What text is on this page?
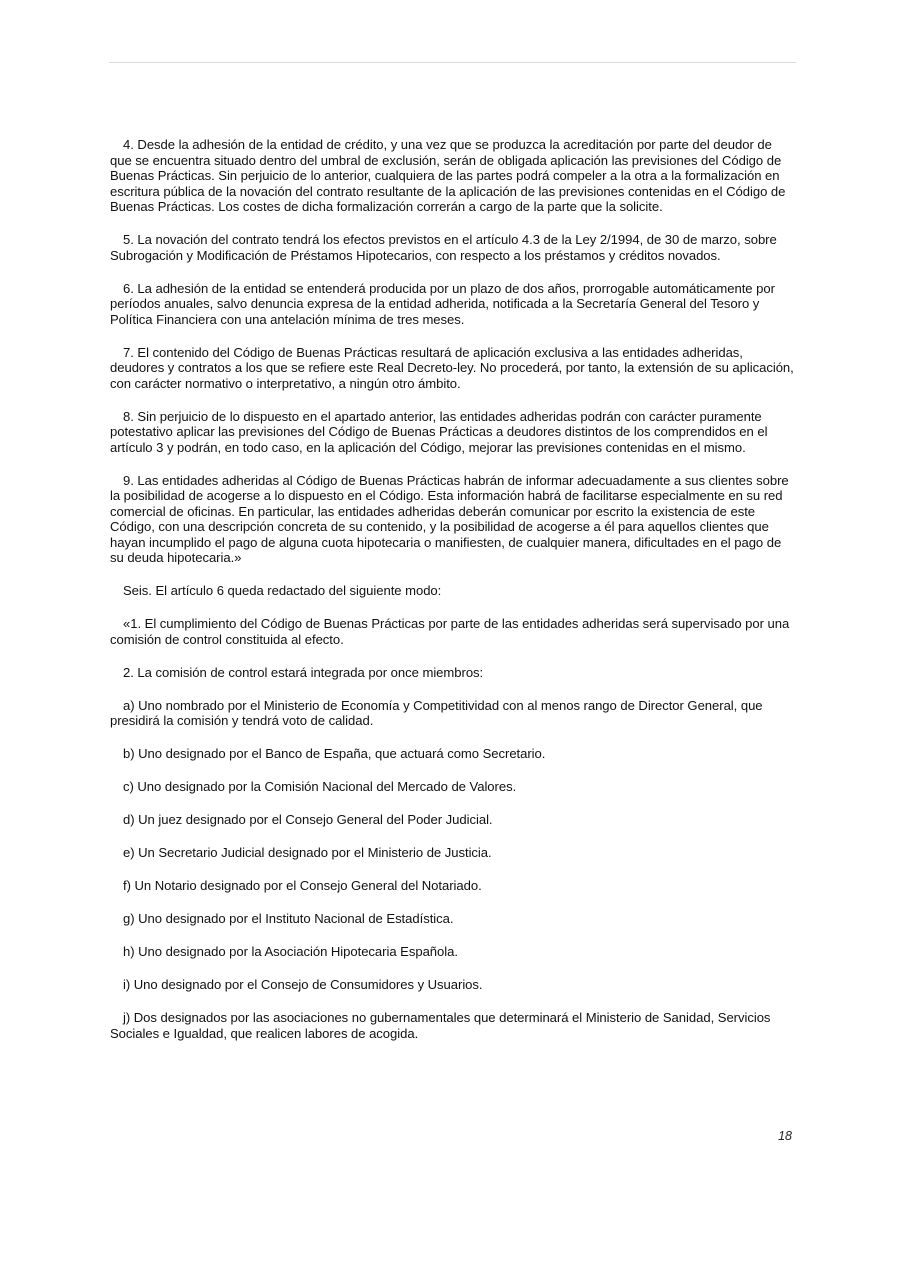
4. Desde la adhesión de la entidad de crédito, y una vez que se produzca la acreditación por parte del deudor de que se encuentra situado dentro del umbral de exclusión, serán de obligada aplicación las previsiones del Código de Buenas Prácticas. Sin perjuicio de lo anterior, cualquiera de las partes podrá compeler a la otra a la formalización en escritura pública de la novación del contrato resultante de la aplicación de las previsiones contenidas en el Código de Buenas Prácticas. Los costes de dicha formalización correrán a cargo de la parte que la solicite.

5. La novación del contrato tendrá los efectos previstos en el artículo 4.3 de la Ley 2/1994, de 30 de marzo, sobre Subrogación y Modificación de Préstamos Hipotecarios, con respecto a los préstamos y créditos novados.

6. La adhesión de la entidad se entenderá producida por un plazo de dos años, prorrogable automáticamente por períodos anuales, salvo denuncia expresa de la entidad adherida, notificada a la Secretaría General del Tesoro y Política Financiera con una antelación mínima de tres meses.

7. El contenido del Código de Buenas Prácticas resultará de aplicación exclusiva a las entidades adheridas, deudores y contratos a los que se refiere este Real Decreto-ley. No procederá, por tanto, la extensión de su aplicación, con carácter normativo o interpretativo, a ningún otro ámbito.

8. Sin perjuicio de lo dispuesto en el apartado anterior, las entidades adheridas podrán con carácter puramente potestativo aplicar las previsiones del Código de Buenas Prácticas a deudores distintos de los comprendidos en el artículo 3 y podrán, en todo caso, en la aplicación del Código, mejorar las previsiones contenidas en el mismo.

9. Las entidades adheridas al Código de Buenas Prácticas habrán de informar adecuadamente a sus clientes sobre la posibilidad de acogerse a lo dispuesto en el Código. Esta información habrá de facilitarse especialmente en su red comercial de oficinas. En particular, las entidades adheridas deberán comunicar por escrito la existencia de este Código, con una descripción concreta de su contenido, y la posibilidad de acogerse a él para aquellos clientes que hayan incumplido el pago de alguna cuota hipotecaria o manifiesten, de cualquier manera, dificultades en el pago de su deuda hipotecaria.»

Seis. El artículo 6 queda redactado del siguiente modo:

«1. El cumplimiento del Código de Buenas Prácticas por parte de las entidades adheridas será supervisado por una comisión de control constituida al efecto.

2. La comisión de control estará integrada por once miembros:

a) Uno nombrado por el Ministerio de Economía y Competitividad con al menos rango de Director General, que presidirá la comisión y tendrá voto de calidad.

b) Uno designado por el Banco de España, que actuará como Secretario.

c) Uno designado por la Comisión Nacional del Mercado de Valores.

d) Un juez designado por el Consejo General del Poder Judicial.

e) Un Secretario Judicial designado por el Ministerio de Justicia.

f) Un Notario designado por el Consejo General del Notariado.

g) Uno designado por el Instituto Nacional de Estadística.

h) Uno designado por la Asociación Hipotecaria Española.

i) Uno designado por el Consejo de Consumidores y Usuarios.

j) Dos designados por las asociaciones no gubernamentales que determinará el Ministerio de Sanidad, Servicios Sociales e Igualdad, que realicen labores de acogida.

18
